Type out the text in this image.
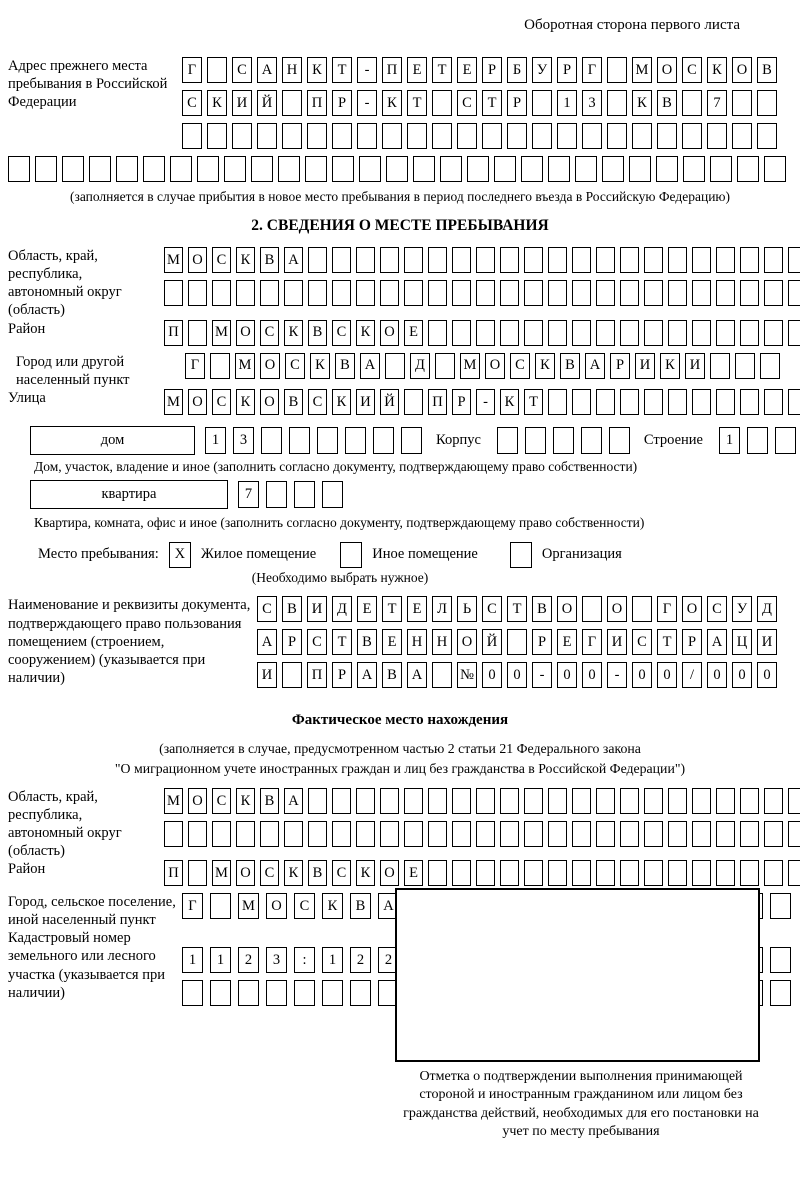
Оборотная сторона первого листа
Адрес прежнего места пребывания в Российской Федерации
Г	С	А	Н	К	Т	-	П	Е	Т	Е	Р	Б	У	Р	Г	М О	С	К	О	В
С	К	И	Й	П	Р	-	К	Т	С	Т	Р	1	3	К	В	7
(заполняется в случае прибытия в новое место пребывания в период последнего въезда в Российскую Федерацию)
2. СВЕДЕНИЯ О МЕСТЕ ПРЕБЫВАНИЯ
Область, край, республика, автономный округ (область)
М О С К В А
Район	П	М О С К В С К О Е
Город или другой населенный пункт
Г	М О	С	К	В	А	Д	М О	С	К	В	А	Р	И	К	И
Улица	М О С К О В С К И Й	П	Р	-	К	Т
дом	1	3	Корпус	Строение	1
Дом, участок, владение и иное (заполнить согласно документу, подтверждающему право собственности)
квартира	7
Квартира, комната, офис и иное (заполнить согласно документу, подтверждающему право собственности)
Место пребывания:	X	Жилое помещение	Иное помещение	Организация
(Необходимо выбрать нужное)
Наименование и реквизиты документа, подтверждающего право пользования помещением (строением, сооружением) (указывается при наличии)
С	В	И	Д	Е	Т	Е	Л	Ь	С	Т	В	О	О	Г	О	С	У	Д
А	Р	С	Т	В	Е	Н	Н	О	Й	Р	Е	Г	И	С	Т	Р	А	Ц	И
И	П	Р	А	В	А	№ 0	0	-	0	0	-	0	0	/	0	0	0
Фактическое место нахождения
(заполняется в случае, предусмотренном частью 2 статьи 21 Федерального закона
"О миграционном учете иностранных граждан и лиц без гражданства в Российской Федерации")
Область, край, республика, автономный округ (область)
М О С К В А
Район	П	М О С К В С К О Е
Город, сельское поселение, иной населенный пункт
Г	М	О	С	К	В	А
Кадастровый номер земельного или лесного участка (указывается при наличии)
1	1	2	3	:	1	2	2
Отметка о подтверждении выполнения принимающей стороной и иностранным гражданином или лицом без гражданства действий, необходимых для его постановки на учет по месту пребывания
